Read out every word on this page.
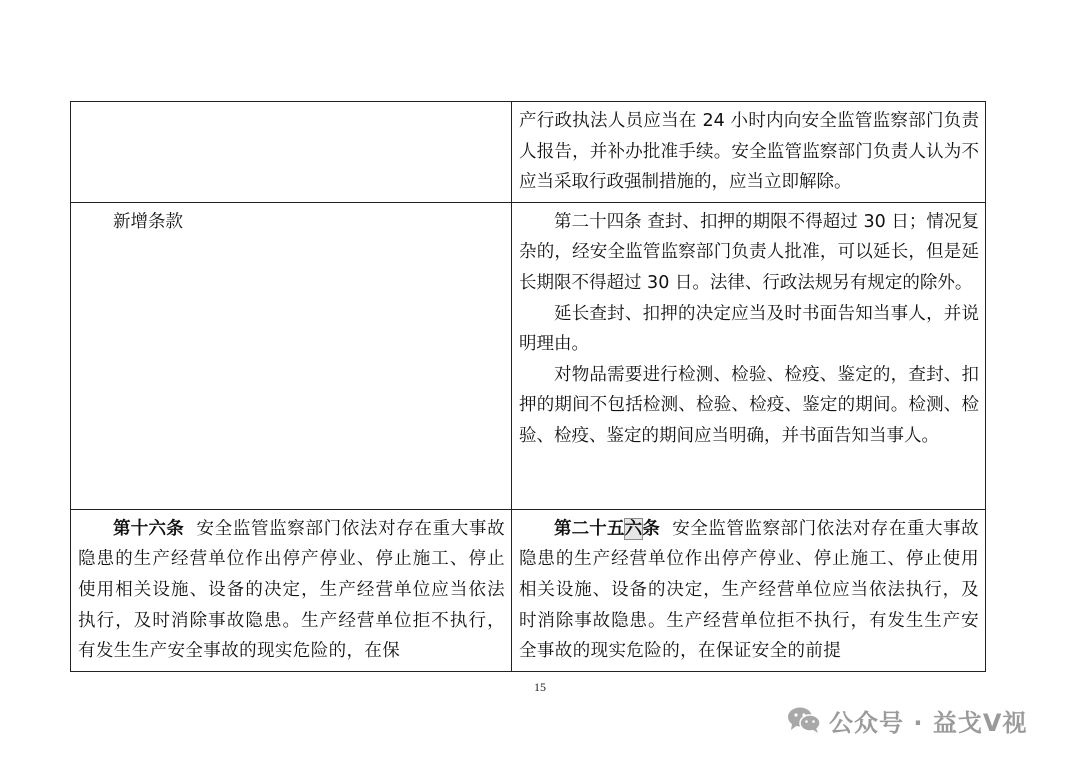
	产行政执法人员应当在 24 小时内向安全监管监察部门负责人报告，并补办批准手续。安全监管监察部门负责人认为不应当采取行政强制措施的，应当立即解除。

新增条款	第二十四条 查封、扣押的期限不得超过 30 日；情况复杂的，经安全监管监察部门负责人批准，可以延长，但是延长期限不得超过 30 日。法律、行政法规另有规定的除外。

延长查封、扣押的决定应当及时书面告知当事人，并说明理由。

对物品需要进行检测、检验、检疫、鉴定的，查封、扣押的期间不包括检测、检验、检疫、鉴定的期间。检测、检验、检疫、鉴定的期间应当明确，并书面告知当事人。

第十六条 安全监管监察部门依法对存在重大事故隐患的生产经营单位作出停产停业、停止施工、停止使用相关设施、设备的决定，生产经营单位应当依法执行，及时消除事故隐患。生产经营单位拒不执行，有发生生产安全事故的现实危险的，在保	第二十五六条 安全监管监察部门依法对存在重大事故隐患的生产经营单位作出停产停业、停止施工、停止使用相关设施、设备的决定，生产经营单位应当依法执行，及时消除事故隐患。生产经营单位拒不执行，有发生生产安全事故的现实危险的，在保证安全的前提

15
公众号 · 益戈V视
